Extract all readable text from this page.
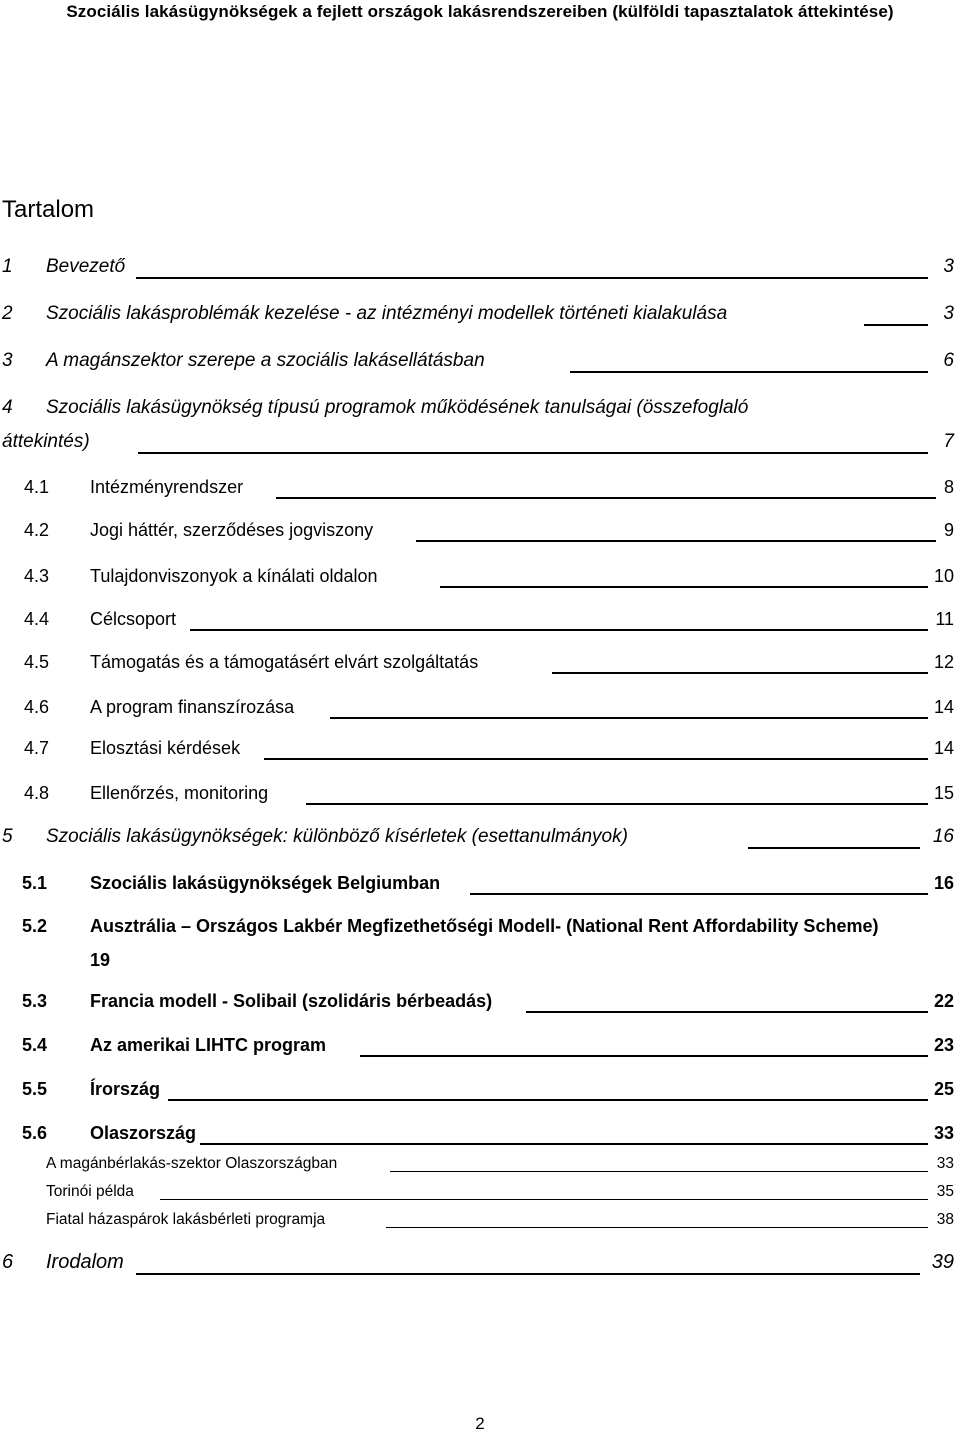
Szociális lakásügynökségek a fejlett országok lakásrendszereiben (külföldi tapasztalatok áttekintése)
Tartalom
1 Bevezető	3
2 Szociális lakásproblémák kezelése - az intézményi modellek történeti kialakulása	3
3 A magánszektor szerepe a szociális lakásellátásban	6
4 Szociális lakásügynökség típusú programok működésének tanulságai (összefoglaló
áttekintés)	7
4.1 Intézményrendszer	8
4.2 Jogi háttér, szerződéses jogviszony	9
4.3 Tulajdonviszonyok a kínálati oldalon	10
4.4 Célcsoport	11
4.5 Támogatás és a támogatásért elvárt szolgáltatás	12
4.6 A program finanszírozása	14
4.7 Elosztási kérdések	14
4.8 Ellenőrzés, monitoring	15
5 Szociális lakásügynökségek: különböző kísérletek (esettanulmányok)	16
5.1 Szociális lakásügynökségek Belgiumban	16
5.2 Ausztrália – Országos Lakbér Megfizethetőségi Modell- (National Rent Affordability Scheme)
19
5.3 Francia modell - Solibail (szolidáris bérbeadás)	22
5.4 Az amerikai LIHTC program	23
5.5 Írország	25
5.6 Olaszország	33
A magánbérlakás-szektor Olaszországban	33
Torinói példa	35
Fiatal házaspárok lakásbérleti programja	38
6 Irodalom	39
2
